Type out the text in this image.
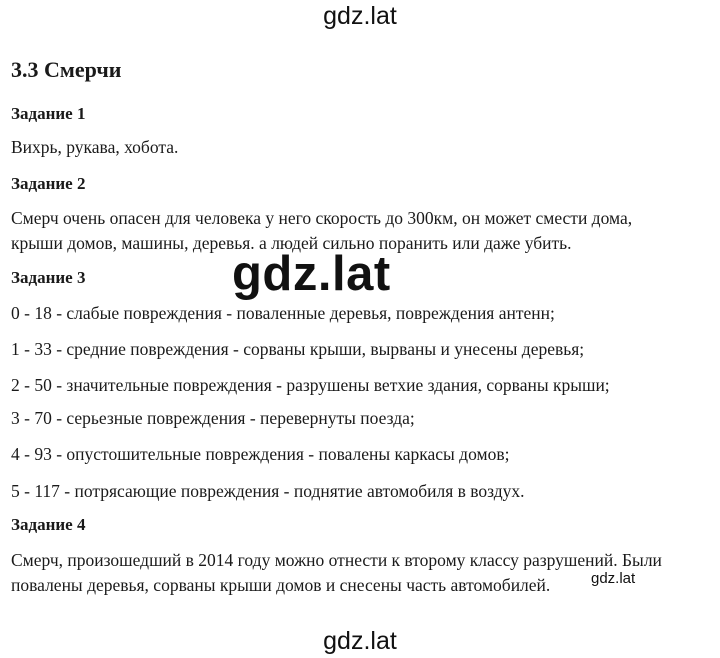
gdz.lat
3.3 Смерчи
Задание 1

Вихрь, рукава, хобота.

Задание 2

Смерч очень опасен для человека у него скорость до 300км, он может смести дома,

крыши домов, машины, деревья. а людей сильно поранить или даже убить.

Задание 3

0 - 18 - слабые повреждения - поваленные деревья, повреждения антенн;

1 - 33 - средние повреждения - сорваны крыши, вырваны и унесены деревья;

2 - 50 - значительные повреждения - разрушены ветхие здания, сорваны крыши;

3 - 70 - серьезные повреждения - перевернуты поезда;

4 - 93 - опустошительные повреждения - повалены каркасы домов;

5 - 117 - потрясающие повреждения - поднятие автомобиля в воздух.

Задание 4

Смерч, произошедший в 2014 году можно отнести к второму классу разрушений. Были

повалены деревья, сорваны крыши домов и снесены часть автомобилей.

gdz.lat
gdz.lat
gdz.lat
